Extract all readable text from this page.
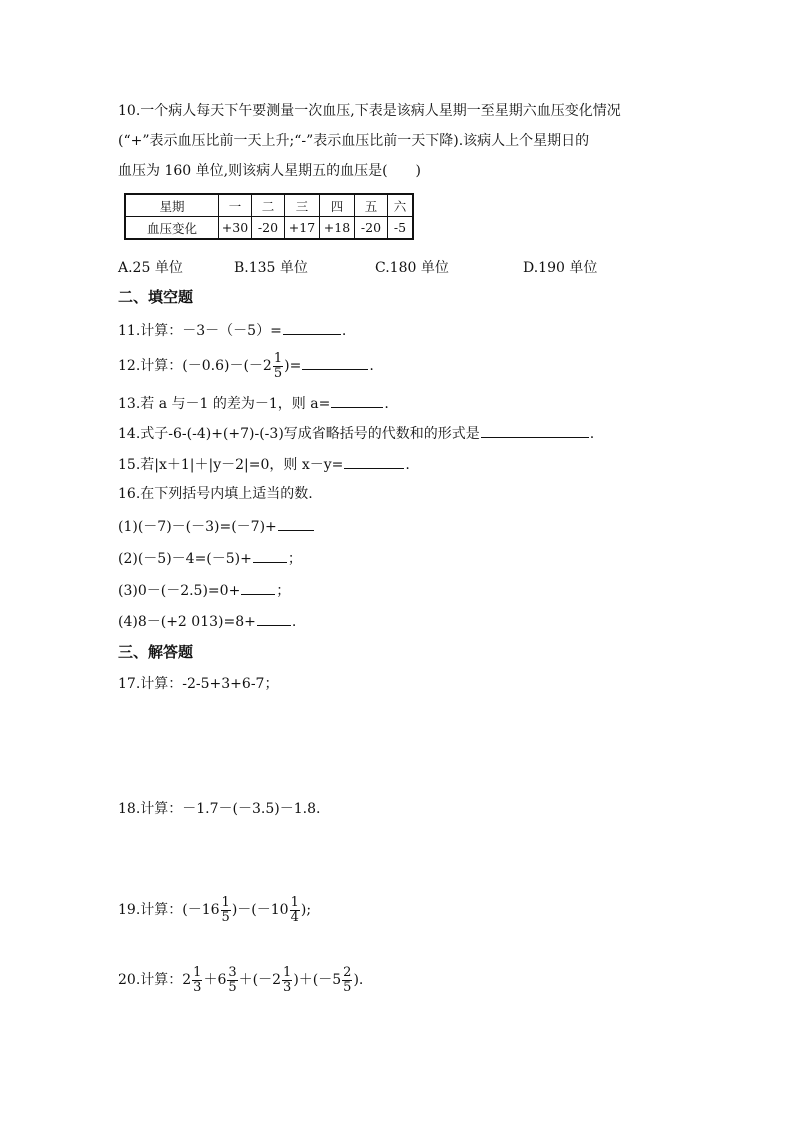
10.一个病人每天下午要测量一次血压,下表是该病人星期一至星期六血压变化情况
(“+”表示血压比前一天上升;“-”表示血压比前一天下降).该病人上个星期日的
血压为 160 单位,则该病人星期五的血压是(　　)
星期	一	二	三	四	五	六
血压变化	+30	-20	+17	+18	-20	-5
A.25 单位	B.135 单位	C.180 单位	D.190 单位
二、填空题
11.计算：－3－（－5）=	.
12.计算：$(-0.6)-(-2 \frac{1}{5}$ )=	.
13.若 a 与－1 的差为－1，则 a=	.
14.式子-6-(-4)+(+7)-(-3)写成省略括号的代数和的形式是	.
15.若|x＋1|＋|y－2|=0，则 x－y=	.
16.在下列括号内填上适当的数.
(1)(－7)－(－3)=(－7)+
(2)(－5)－4=(－5)+	；
(3)0－(－2.5)=0+	；
(4)8－(+2 013)=8+	.
三、解答题
17.计算：-2-5+3+6-7；
18.计算：－1.7－(－3.5)－1.8.
19.计算：$(-16 \frac{1}{5} )-(-10 \frac{1}{4}$ );
20.计算：$2 \frac{1}{3} +6 \frac{3}{5} +(-2 \frac{1}{3} )+(-5 \frac{2}{5}$ ).
